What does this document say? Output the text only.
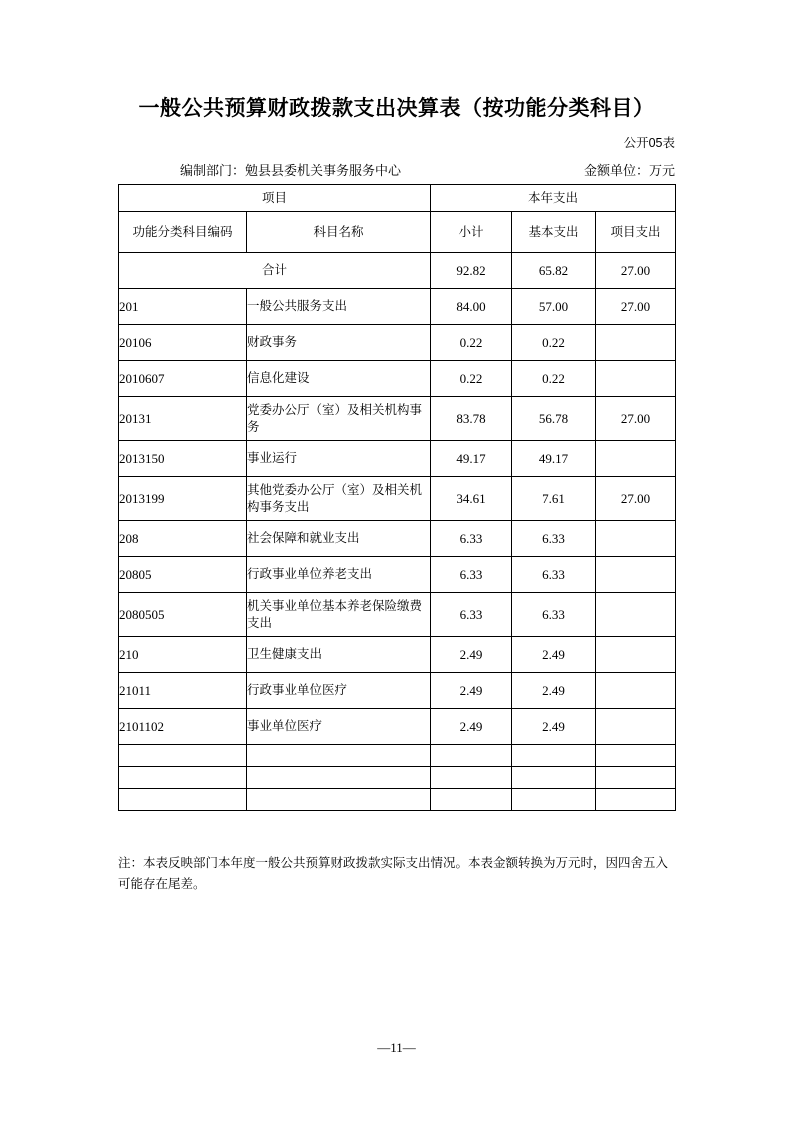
一般公共预算财政拨款支出决算表（按功能分类科目）
公开05表
编制部门：勉县县委机关事务服务中心	金额单位：万元
项目		本年支出		
功能分类科目编码	科目名称	小计	基本支出	项目支出
合计		92.82	65.82	27.00
201	一般公共服务支出	84.00	57.00	27.00
20106	财政事务	0.22	0.22	
2010607	信息化建设	0.22	0.22	
20131	党委办公厅（室）及相关机构事务	83.78	56.78	27.00
2013150	事业运行	49.17	49.17	
2013199	其他党委办公厅（室）及相关机构事务支出	34.61	7.61	27.00
208	社会保障和就业支出	6.33	6.33	
20805	行政事业单位养老支出	6.33	6.33	
2080505	机关事业单位基本养老保险缴费支出	6.33	6.33	
210	卫生健康支出	2.49	2.49	
21011	行政事业单位医疗	2.49	2.49	
2101102	事业单位医疗	2.49	2.49	

注：本表反映部门本年度一般公共预算财政拨款实际支出情况。本表金额转换为万元时，因四舍五入可能存在尾差。
—11—
